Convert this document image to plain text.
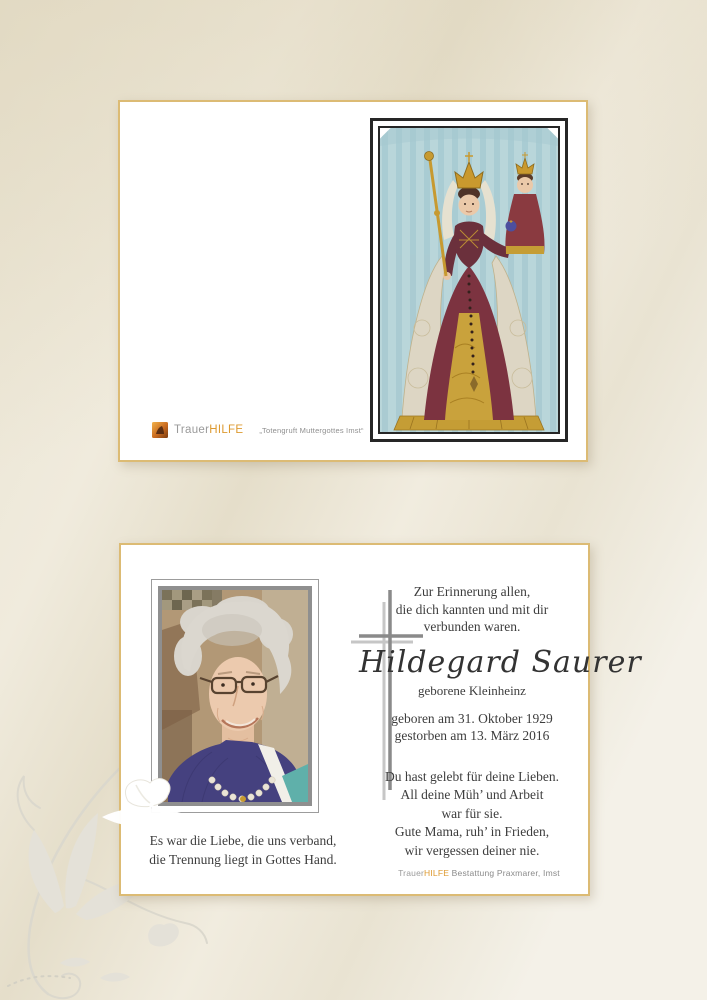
TrauerHILFE „Totengruft Muttergottes Imst“
Es war die Liebe, die uns verband,
die Trennung liegt in Gottes Hand.
Zur Erinnerung allen,
die dich kannten und mit dir
verbunden waren.
Hildegard Saurer
geborene Kleinheinz
geboren am 31. Oktober 1929
gestorben am 13. März 2016
Du hast gelebt für deine Lieben.
All deine Müh’ und Arbeit
war für sie.
Gute Mama, ruh’ in Frieden,
wir vergessen deiner nie.
TrauerHILFE Bestattung Praxmarer, Imst
